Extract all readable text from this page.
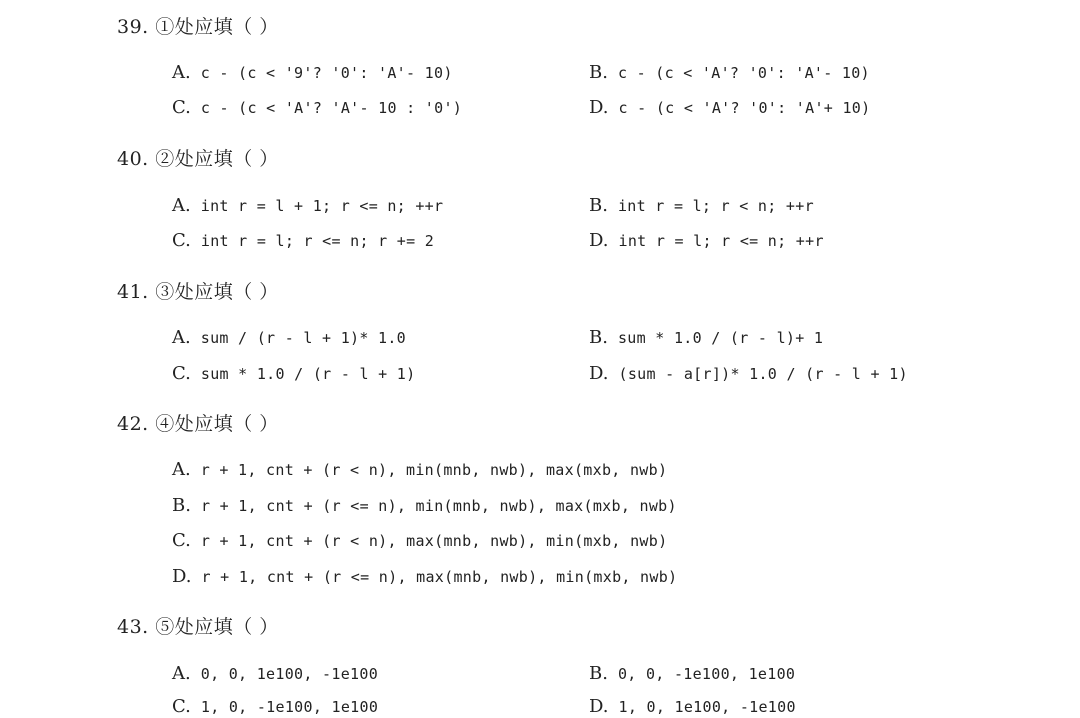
39. ①处应填（ ）
A. c - (c < '9'? '0': 'A'- 10)	B. c - (c < 'A'? '0': 'A'- 10)
C. c - (c < 'A'? 'A'- 10 : '0')	D. c - (c < 'A'? '0': 'A'+ 10)
40. ②处应填（ ）
A. int r = l + 1; r <= n; ++r	B. int r = l; r < n; ++r
C. int r = l; r <= n; r += 2	D. int r = l; r <= n; ++r
41. ③处应填（ ）
A. sum / (r - l + 1)* 1.0	B. sum * 1.0 / (r - l)+ 1
C. sum * 1.0 / (r - l + 1)	D. (sum - a[r])* 1.0 / (r - l + 1)
42. ④处应填（ ）
A. r + 1, cnt + (r < n), min(mnb, nwb), max(mxb, nwb)
B. r + 1, cnt + (r <= n), min(mnb, nwb), max(mxb, nwb)
C. r + 1, cnt + (r < n), max(mnb, nwb), min(mxb, nwb)
D. r + 1, cnt + (r <= n), max(mnb, nwb), min(mxb, nwb)
43. ⑤处应填（ ）
A. 0, 0, 1e100, -1e100	B. 0, 0, -1e100, 1e100
C. 1, 0, -1e100, 1e100	D. 1, 0, 1e100, -1e100
